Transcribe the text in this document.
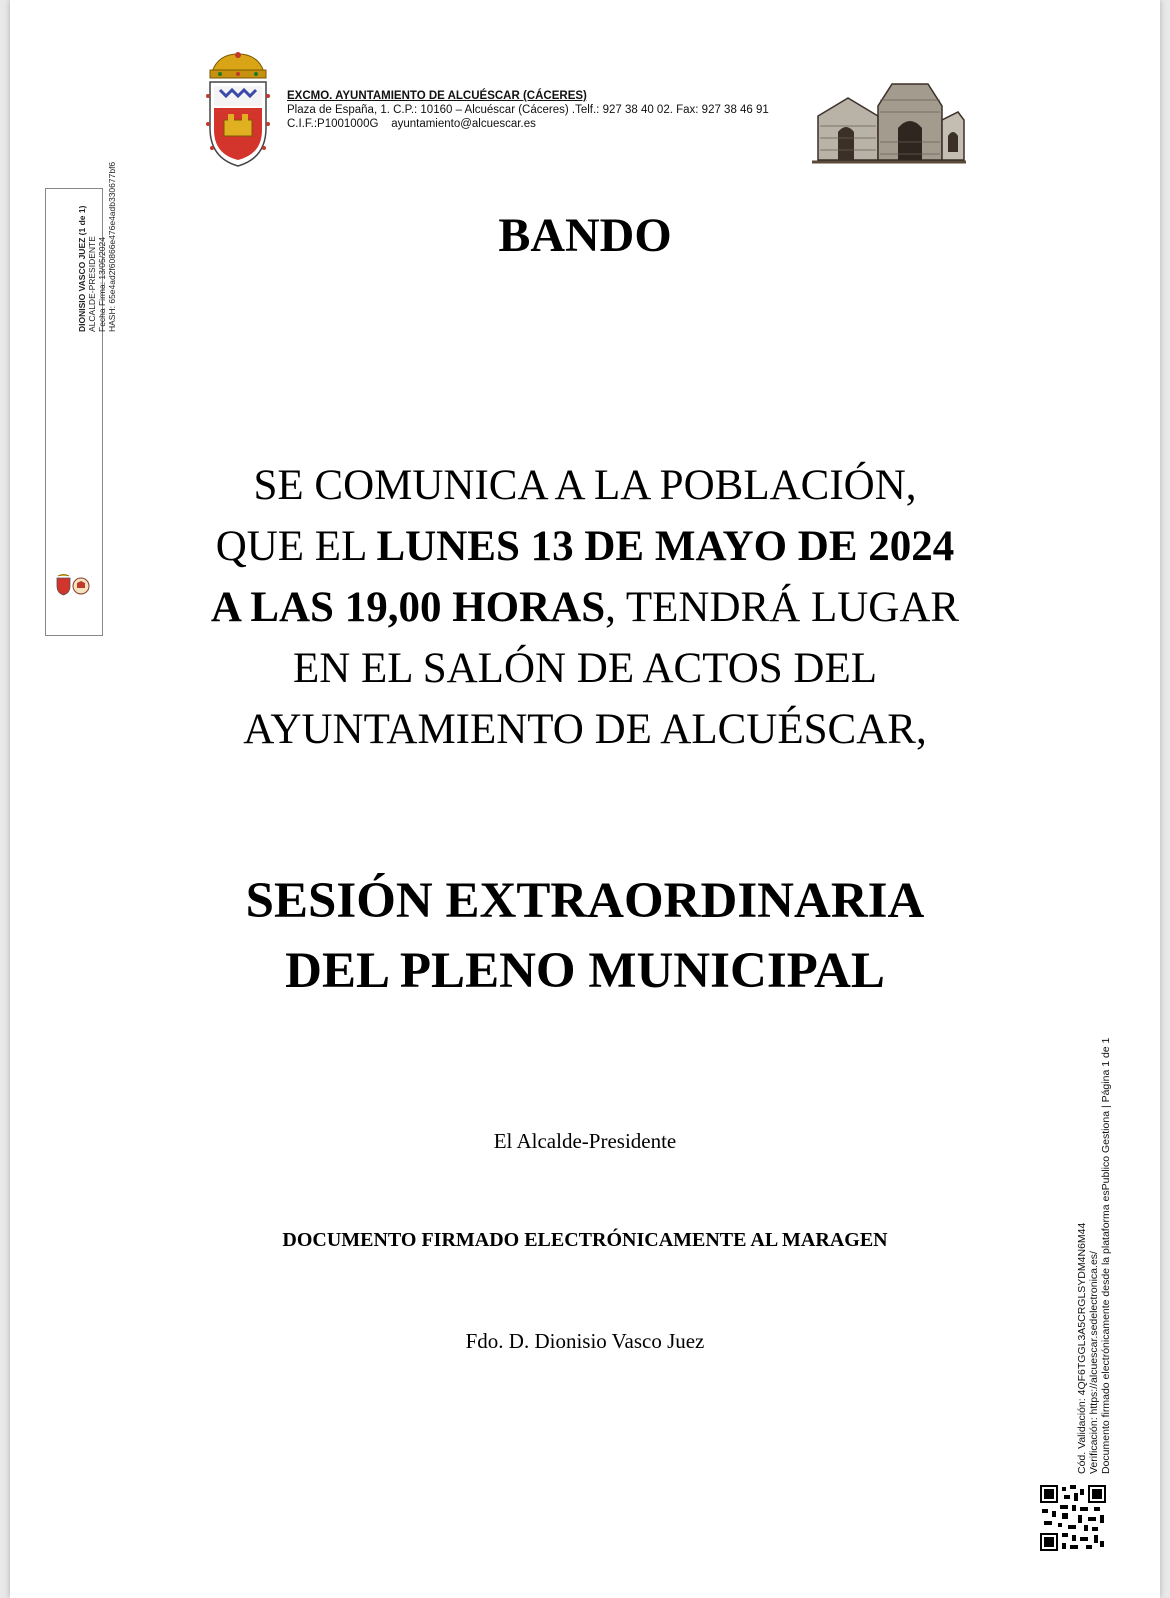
EXCMO. AYUNTAMIENTO DE ALCUÉSCAR (CÁCERES)
Plaza de España, 1. C.P.: 10160 – Alcuéscar (Cáceres) .Telf.: 927 38 40 02. Fax: 927 38 46 91
C.I.F.:P1001000G    ayuntamiento@alcuescar.es
BANDO
SE COMUNICA A LA POBLACIÓN,
QUE EL LUNES 13 DE MAYO DE 2024
A LAS 19,00 HORAS, TENDRÁ LUGAR
EN EL SALÓN DE ACTOS DEL
AYUNTAMIENTO DE ALCUÉSCAR,
SESIÓN EXTRAORDINARIA
DEL PLENO MUNICIPAL
El Alcalde-Presidente
DOCUMENTO FIRMADO ELECTRÓNICAMENTE AL MARAGEN
Fdo. D. Dionisio Vasco Juez
DIONISIO VASCO JUEZ (1 de 1) ALCALDE-PRESIDENTE Fecha Firma: 13/05/2024 HASH: 65e4ad2f60866e476e4adb330677bf6
Cód. Validación: 4QF6TGGL3A5CRGLSYDM4N6M44 Verificación: https://alcuescar.sedelectronica.es/ Documento firmado electrónicamente desde la plataforma esPublico Gestiona | Página 1 de 1
